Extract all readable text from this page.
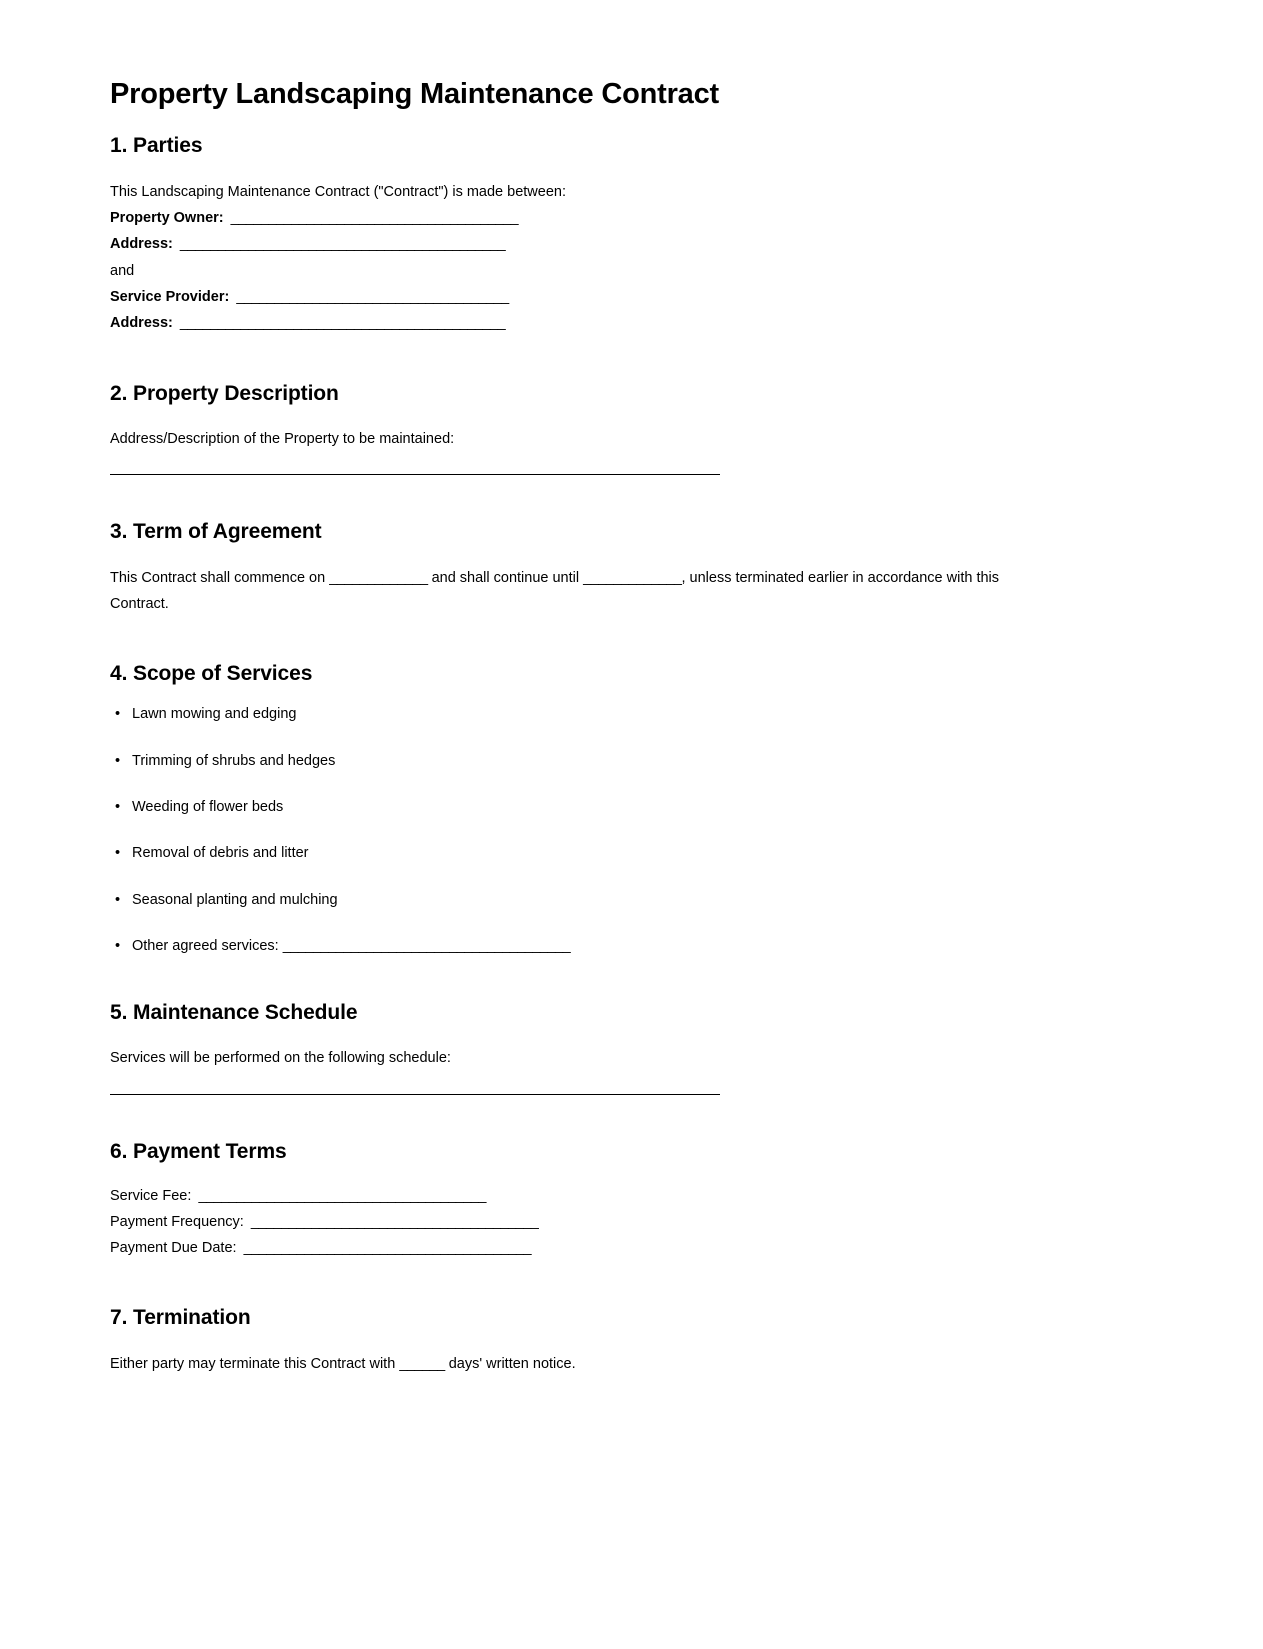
Property Landscaping Maintenance Contract
1. Parties

This Landscaping Maintenance Contract ("Contract") is made between:

Property Owner:  ______________________________________

Address:  ___________________________________________

and

Service Provider:  ____________________________________

Address:  ___________________________________________

2. Property Description

Address/Description of the Property to be maintained:

3. Term of Agreement

This Contract shall commence on _____________ and shall continue until _____________, unless terminated earlier in accordance with this Contract.

4. Scope of Services
• Lawn mowing and edging
• Trimming of shrubs and hedges
• Weeding of flower beds
• Removal of debris and litter
• Seasonal planting and mulching
• Other agreed services: ______________________________________
5. Maintenance Schedule

Services will be performed on the following schedule:

6. Payment Terms
Service Fee:  ______________________________________
Payment Frequency:  ______________________________________
Payment Due Date:  ______________________________________
7. Termination

Either party may terminate this Contract with ______ days' written notice.
